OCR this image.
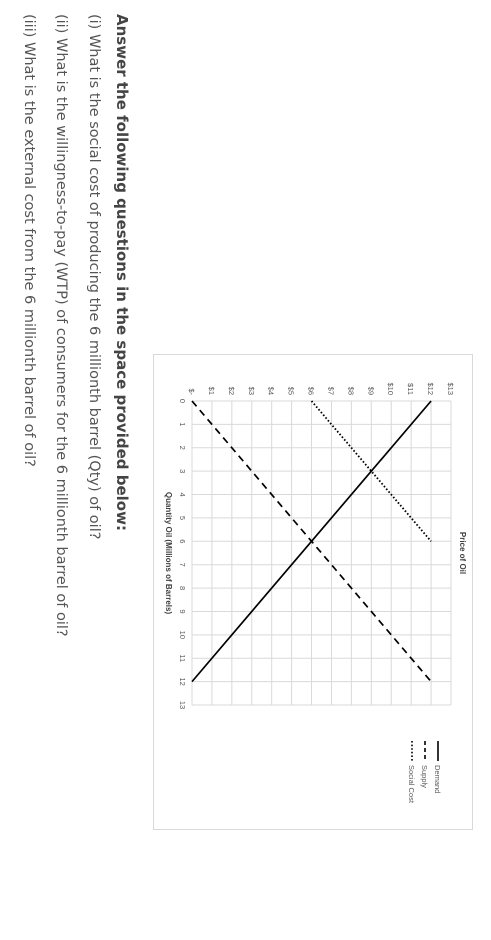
Price of Oil
Quantity Oil (Millions of Barrels)
0
1
2
3
4
5
6
7
8
9
10
11
12
13
$- $1 $2 $3 $4 $5 $6 $7 $8 $9 $10 $11 $12 $13
Demand
Supply
Social Cost

Answer the following questions in the space provided below:

(i) What is the social cost of producing the 6 millionth barrel (Qty) of oil?

(ii) What is the willingness-to-pay (WTP) of consumers for the 6 millionth barrel of oil?

(iii) What is the external cost from the 6 millionth barrel of oil?
